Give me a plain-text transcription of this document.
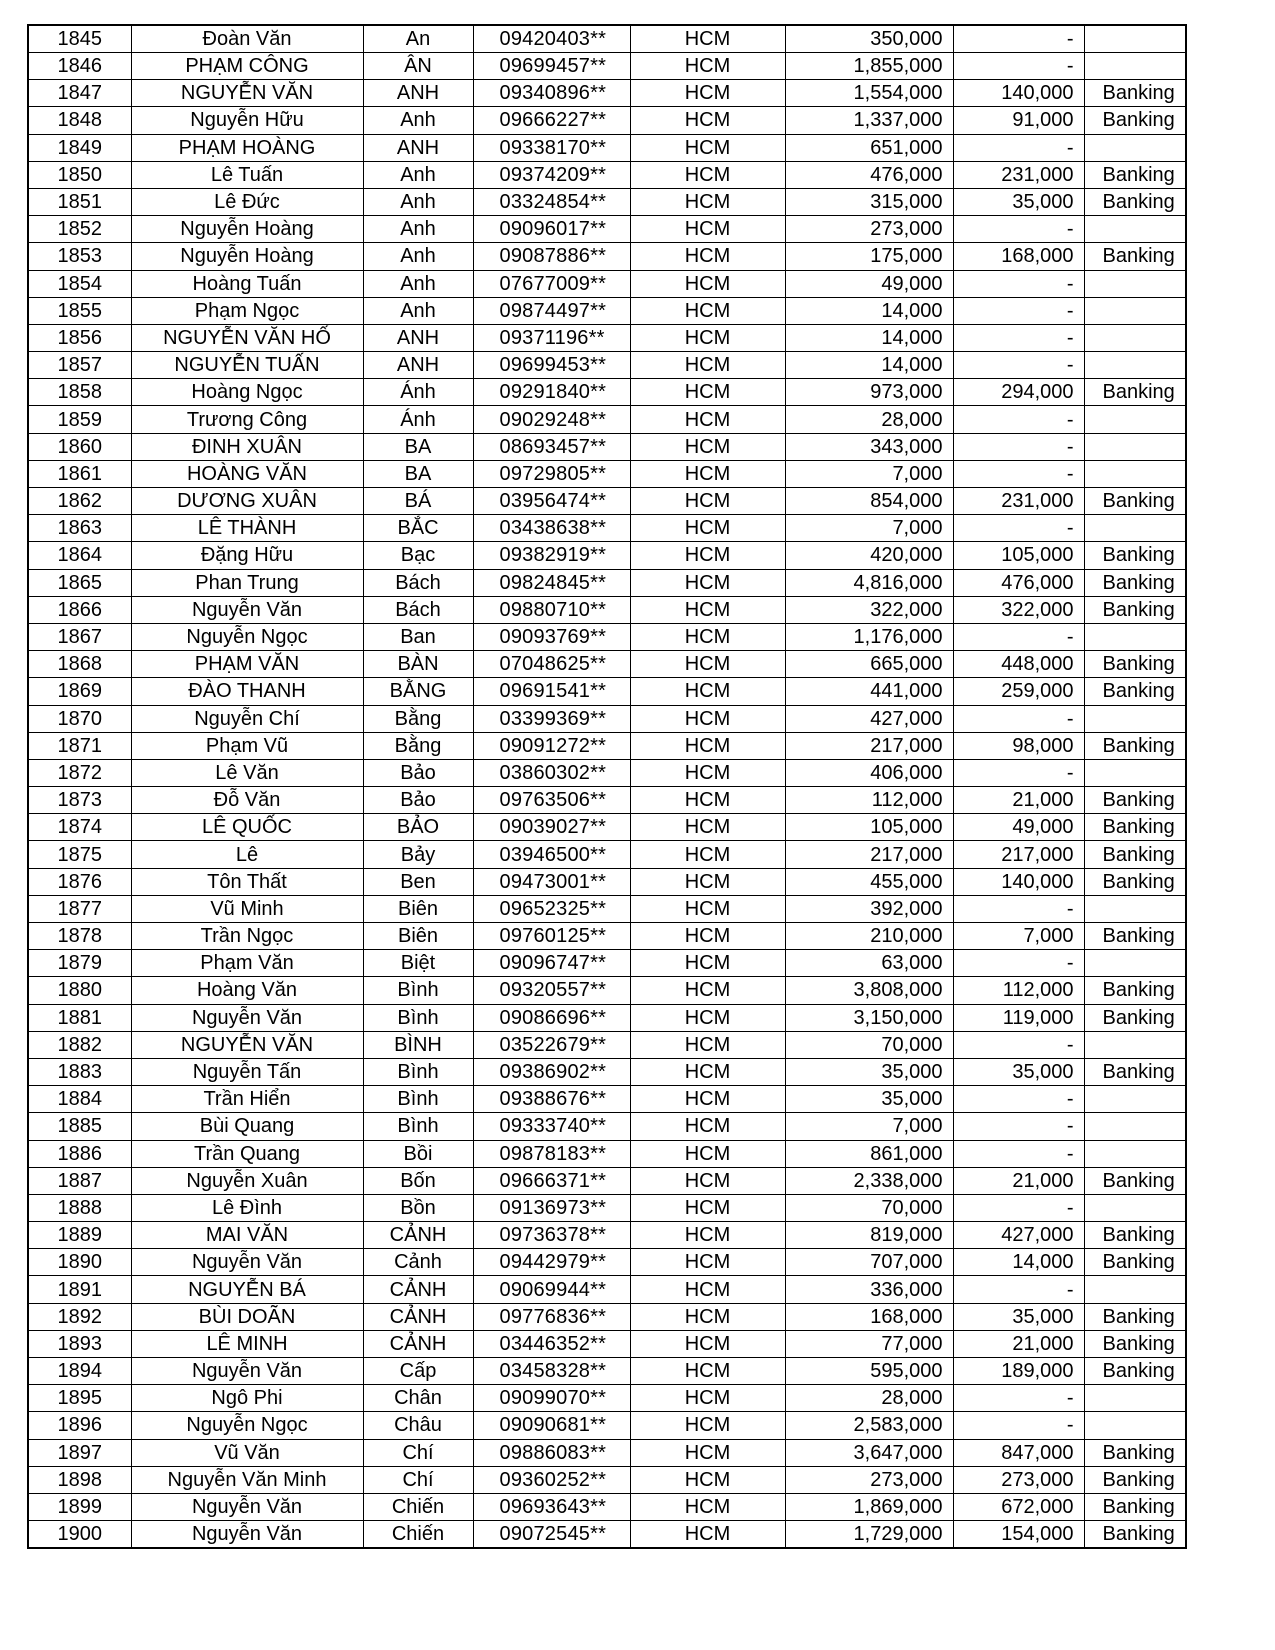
1845	Đoàn Văn	An	09420403**	HCM	350,000	-	
1846	PHẠM CÔNG	ÂN	09699457**	HCM	1,855,000	-	
1847	NGUYỄN VĂN	ANH	09340896**	HCM	1,554,000	140,000	Banking
1848	Nguyễn Hữu	Anh	09666227**	HCM	1,337,000	91,000	Banking
1849	PHẠM HOÀNG	ANH	09338170**	HCM	651,000	-	
1850	Lê Tuấn	Anh	09374209**	HCM	476,000	231,000	Banking
1851	Lê Đức	Anh	03324854**	HCM	315,000	35,000	Banking
1852	Nguyễn Hoàng	Anh	09096017**	HCM	273,000	-	
1853	Nguyễn Hoàng	Anh	09087886**	HCM	175,000	168,000	Banking
1854	Hoàng Tuấn	Anh	07677009**	HCM	49,000	-	
1855	Phạm Ngọc	Anh	09874497**	HCM	14,000	-	
1856	NGUYỄN VĂN HỐ	ANH	09371196**	HCM	14,000	-	
1857	NGUYỄN TUẤN	ANH	09699453**	HCM	14,000	-	
1858	Hoàng Ngọc	Ánh	09291840**	HCM	973,000	294,000	Banking
1859	Trương Công	Ánh	09029248**	HCM	28,000	-	
1860	ĐINH XUÂN	BA	08693457**	HCM	343,000	-	
1861	HOÀNG VĂN	BA	09729805**	HCM	7,000	-	
1862	DƯƠNG XUÂN	BÁ	03956474**	HCM	854,000	231,000	Banking
1863	LÊ THÀNH	BẮC	03438638**	HCM	7,000	-	
1864	Đặng Hữu	Bạc	09382919**	HCM	420,000	105,000	Banking
1865	Phan Trung	Bách	09824845**	HCM	4,816,000	476,000	Banking
1866	Nguyễn Văn	Bách	09880710**	HCM	322,000	322,000	Banking
1867	Nguyễn Ngọc	Ban	09093769**	HCM	1,176,000	-	
1868	PHẠM VĂN	BÀN	07048625**	HCM	665,000	448,000	Banking
1869	ĐÀO THANH	BẰNG	09691541**	HCM	441,000	259,000	Banking
1870	Nguyễn Chí	Bằng	03399369**	HCM	427,000	-	
1871	Phạm Vũ	Bằng	09091272**	HCM	217,000	98,000	Banking
1872	Lê Văn	Bảo	03860302**	HCM	406,000	-	
1873	Đỗ Văn	Bảo	09763506**	HCM	112,000	21,000	Banking
1874	LÊ QUỐC	BẢO	09039027**	HCM	105,000	49,000	Banking
1875	Lê	Bảy	03946500**	HCM	217,000	217,000	Banking
1876	Tôn Thất	Ben	09473001**	HCM	455,000	140,000	Banking
1877	Vũ Minh	Biên	09652325**	HCM	392,000	-	
1878	Trần Ngọc	Biên	09760125**	HCM	210,000	7,000	Banking
1879	Phạm Văn	Biệt	09096747**	HCM	63,000	-	
1880	Hoàng Văn	Bình	09320557**	HCM	3,808,000	112,000	Banking
1881	Nguyễn Văn	Bình	09086696**	HCM	3,150,000	119,000	Banking
1882	NGUYỄN VĂN	BÌNH	03522679**	HCM	70,000	-	
1883	Nguyễn Tấn	Bình	09386902**	HCM	35,000	35,000	Banking
1884	Trần Hiển	Bình	09388676**	HCM	35,000	-	
1885	Bùi Quang	Bình	09333740**	HCM	7,000	-	
1886	Trần Quang	Bồi	09878183**	HCM	861,000	-	
1887	Nguyễn Xuân	Bốn	09666371**	HCM	2,338,000	21,000	Banking
1888	Lê Đình	Bồn	09136973**	HCM	70,000	-	
1889	MAI VĂN	CẢNH	09736378**	HCM	819,000	427,000	Banking
1890	Nguyễn Văn	Cảnh	09442979**	HCM	707,000	14,000	Banking
1891	NGUYỄN BÁ	CẢNH	09069944**	HCM	336,000	-	
1892	BÙI DOÃN	CẢNH	09776836**	HCM	168,000	35,000	Banking
1893	LÊ MINH	CẢNH	03446352**	HCM	77,000	21,000	Banking
1894	Nguyễn Văn	Cấp	03458328**	HCM	595,000	189,000	Banking
1895	Ngô Phi	Chân	09099070**	HCM	28,000	-	
1896	Nguyễn Ngọc	Châu	09090681**	HCM	2,583,000	-	
1897	Vũ Văn	Chí	09886083**	HCM	3,647,000	847,000	Banking
1898	Nguyễn Văn Minh	Chí	09360252**	HCM	273,000	273,000	Banking
1899	Nguyễn Văn	Chiến	09693643**	HCM	1,869,000	672,000	Banking
1900	Nguyễn Văn	Chiến	09072545**	HCM	1,729,000	154,000	Banking
